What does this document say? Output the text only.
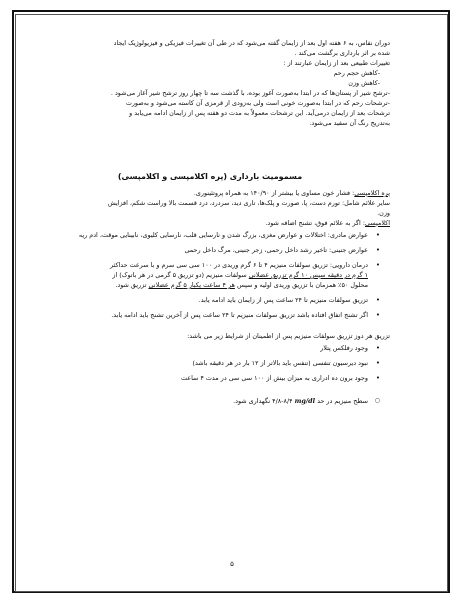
دوران نفاس، به ۶ هفته اول بعد از زایمان گفته می‌شود که در طی آن تغییرات فیزیکی و فیزیولوژیک ایجاد

شده بر اثر بارداری برگشت می‌کند .

تغییرات طبیعی بعد از زایمان عبارتند از :

-کاهش حجم رحم

-کاهش وزن

-ترشح شیر از پستان‌ها که در ابتدا به‌صورت آغوز بوده، با گذشت سه تا چهار روز ترشح شیر آغاز می‌شود .

-ترشحات رحم که در ابتدا به‌صورت خونی است ولی به‌زودی از قرمزی آن کاسته می‌شود و به‌صورت

ترشحات بعد از زایمان درمی‌آید. این ترشحات معمولاً به مدت دو هفته پس از زایمان ادامه می‌یابد و

به‌تدریج رنگ آن سفید می‌شود.

مسمومیت بارداری (پره اکلامپسی و اکلامپسی)

پره اکلامپسی: فشار خون مساوی یا بیشتر از ۱۴۰/۹۰ به همراه پروتئینوری.

سایر علائم شامل: تورم دست، پا، صورت و پلک‌ها، تاری دید، سردرد، درد قسمت بالا وراست شکم، افزایش

وزن.

اکلامپسی: اگر به علائم فوق، تشنج اضافه شود.

• عوارض مادری: اختلالات و عوارض مغزی، بزرگ شدن و نارسایی قلب، نارسایی کلیوی، نابینایی موقت، ادم ریه
• عوارض جنینی: تاخیر رشد داخل رحمی، زجر جنینی، مرگ داخل رحمی
• درمان دارویی: تزریق سولفات منیزیم ۴ تا ۶ گرم وریدی در ۱۰۰ سی سی سرم و با سرعت حداکثر
۱ گرم در دقیقه سپس ۱۰ گرم تزریق عضلانی سولفات منیزیم (دو تزریق ۵ گرمی در هر باتوک) از
محلول ۵۰٪ همزمان با تزریق وریدی اولیه و سپس هر ۴ ساعت یکبار ۵ گرم عضلانی تزریق شود.
• تزریق سولفات منیزیم تا ۲۴ ساعت پس از زایمان باید ادامه یابد.
• اگر تشنج اتفاق افتاده باشد تزریق سولفات منیزیم تا ۲۴ ساعت پس از آخرین تشنج باید ادامه یابد.

تزریق هر دوز تزریق سولفات منیزیم پس از اطمینان از شرایط زیر می باشد:

• وجود رفلکس پتلار
• نبود دیرسیون تنفسی (تنفس باید بالاتر از ۱۲ بار در هر دقیقه باشد)
• وجود برون ده ادراری به میزان بیش از ۱۰۰ سی سی در مدت ۴ ساعت
○ سطح منیزیم در حد mg/dl ۸/۴-۴/۸ نگهداری شود.
۵
